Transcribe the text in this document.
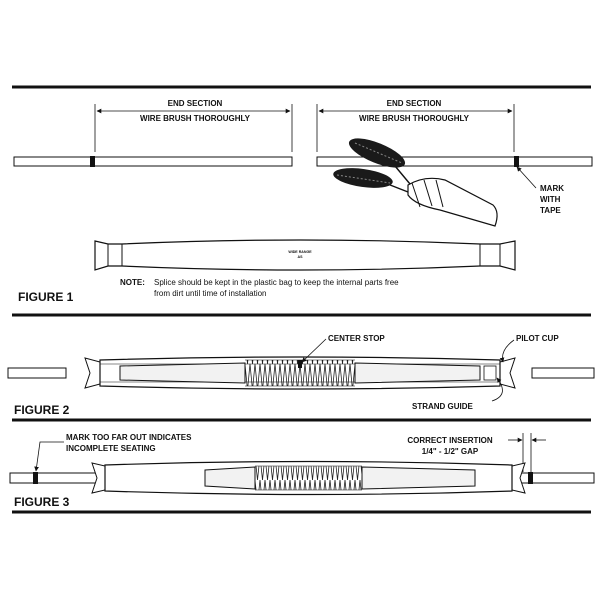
END SECTION
WIRE BRUSH THOROUGHLY
END SECTION
WIRE BRUSH THOROUGHLY
MARK
WITH
TAPE
WIDE RANGE
AS
NOTE: Splice should be kept in the plastic bag to keep the internal parts free
from dirt until time of installation
FIGURE 1
CENTER STOP	PILOT CUP
STRAND GUIDE
FIGURE 2
MARK TOO FAR OUT INDICATES
INCOMPLETE SEATING
CORRECT INSERTION
1/4" - 1/2" GAP
FIGURE 3
